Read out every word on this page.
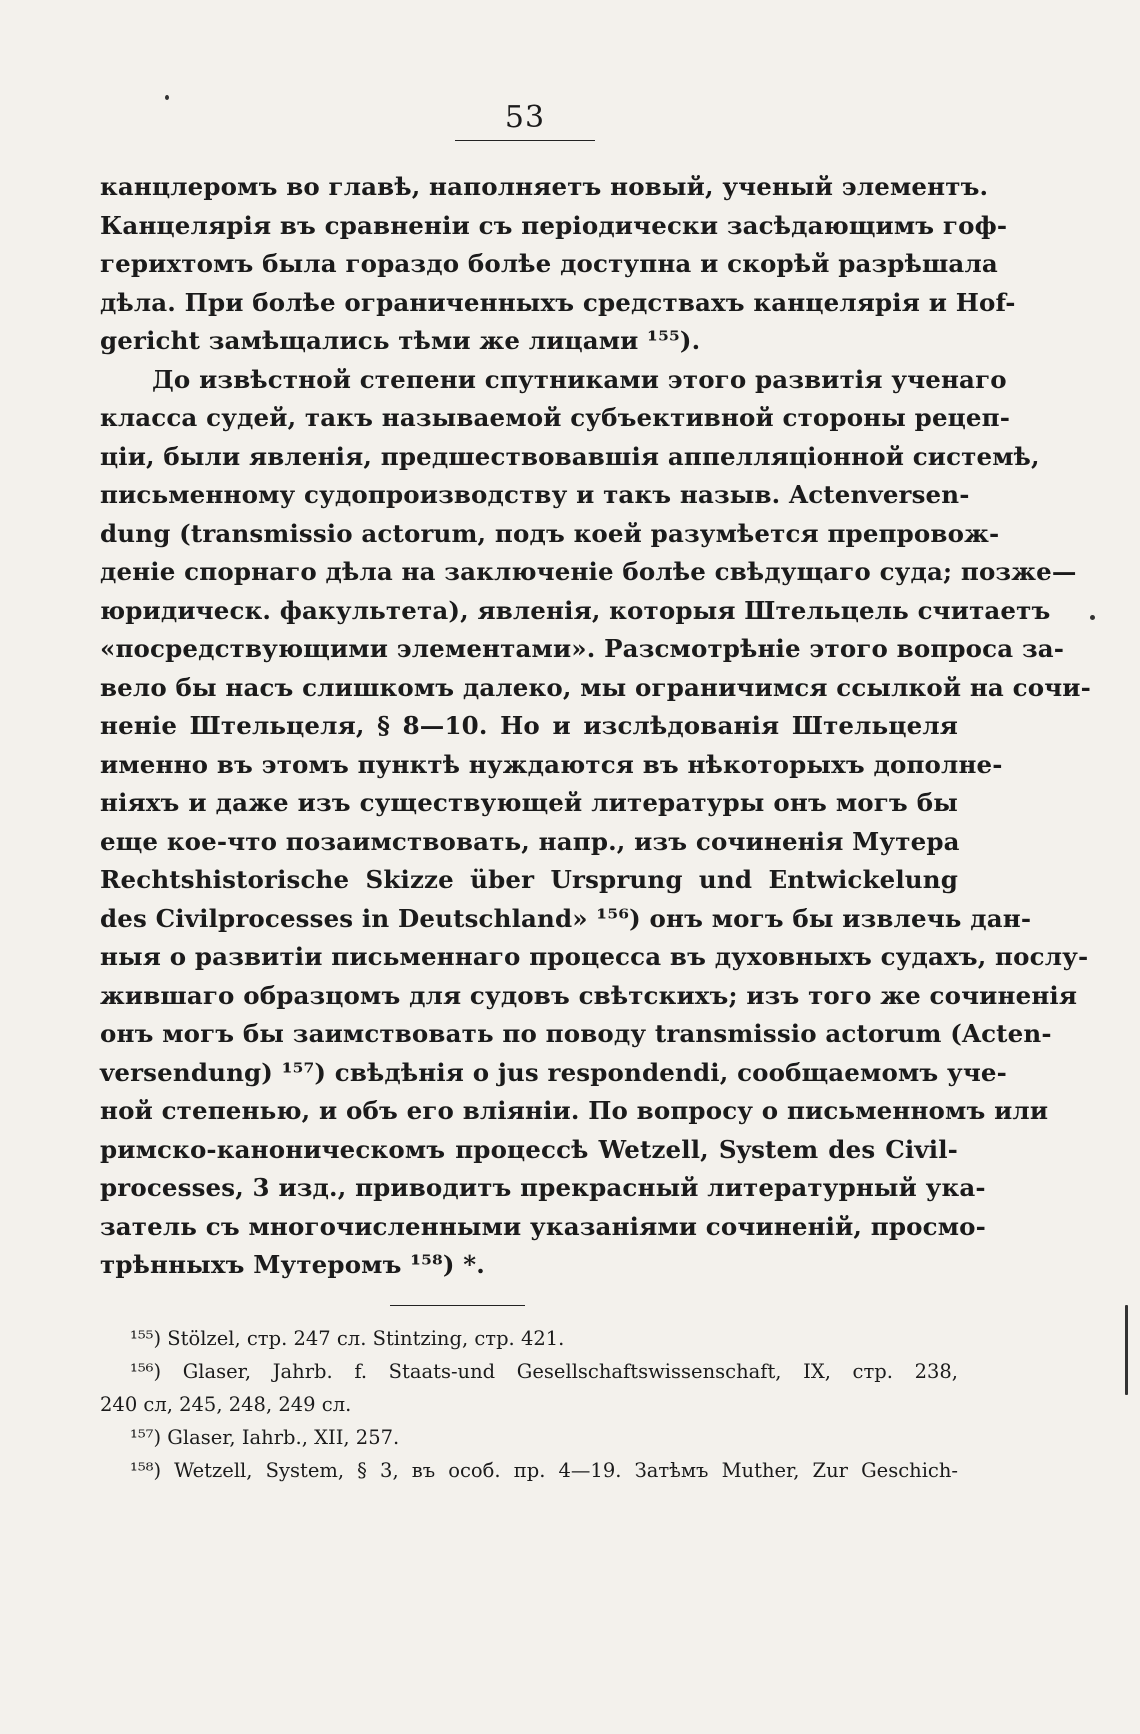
53
канцлеромъ во главѣ, наполняетъ новый, ученый элементъ.
Канцелярія въ сравненіи съ періодически засѣдающимъ гоф-
герихтомъ была гораздо болѣе доступна и скорѣй разрѣшала
дѣла. При болѣе ограниченныхъ средствахъ канцелярія и Hof-
gericht замѣщались тѣми же лицами ¹⁵⁵).
До извѣстной степени спутниками этого развитія ученаго
класса судей, такъ называемой субъективной стороны рецеп-
ціи, были явленія, предшествовавшія аппелляціонной системѣ,
письменному судопроизводству и такъ назыв. Actenversen-
dung (transmissio actorum, подъ коей разумѣется препровож-
деніе спорнаго дѣла на заключеніе болѣе свѣдущаго суда; позже—
юридическ. факультета), явленія, которыя Штельцель считаетъ
«посредствующими элементами». Разсмотрѣніе этого вопроса за-
вело бы насъ слишкомъ далеко, мы ограничимся ссылкой на сочи-
неніе Штельцеля, § 8—10. Но и изслѣдованія Штельцеля
именно въ этомъ пунктѣ нуждаются въ нѣкоторыхъ дополне-
ніяхъ и даже изъ существующей литературы онъ могъ бы
еще кое-что позаимствовать, напр., изъ сочиненія Мутера
Rechtshistorische Skizze über Ursprung und Entwickelung
des Civilprocesses in Deutschland» ¹⁵⁶) онъ могъ бы извлечь дан-
ныя о развитіи письменнаго процесса въ духовныхъ судахъ, послу-
жившаго образцомъ для судовъ свѣтскихъ; изъ того же сочиненія
онъ могъ бы заимствовать по поводу transmissio actorum (Acten-
versendung) ¹⁵⁷) свѣдѣнія о jus respondendi, сообщаемомъ уче-
ной степенью, и объ его вліяніи. По вопросу о письменномъ или
римско-каноническомъ процессѣ Wetzell, System des Civil-
processes, 3 изд., приводитъ прекрасный литературный ука-
затель съ многочисленными указаніями сочиненій, просмо-
трѣнныхъ Мутеромъ ¹⁵⁸) *.
¹⁵⁵) Stölzel, стр. 247 сл. Stintzing, стр. 421.
¹⁵⁶) Glaser, Jahrb. f. Staats-und Gesellschaftswissenschaft, IX, стр. 238,
240 сл, 245, 248, 249 сл.
¹⁵⁷) Glaser, Iahrb., XII, 257.
¹⁵⁸) Wetzell, System, § 3, въ особ. пр. 4—19. Затѣмъ Muther, Zur Geschich-
